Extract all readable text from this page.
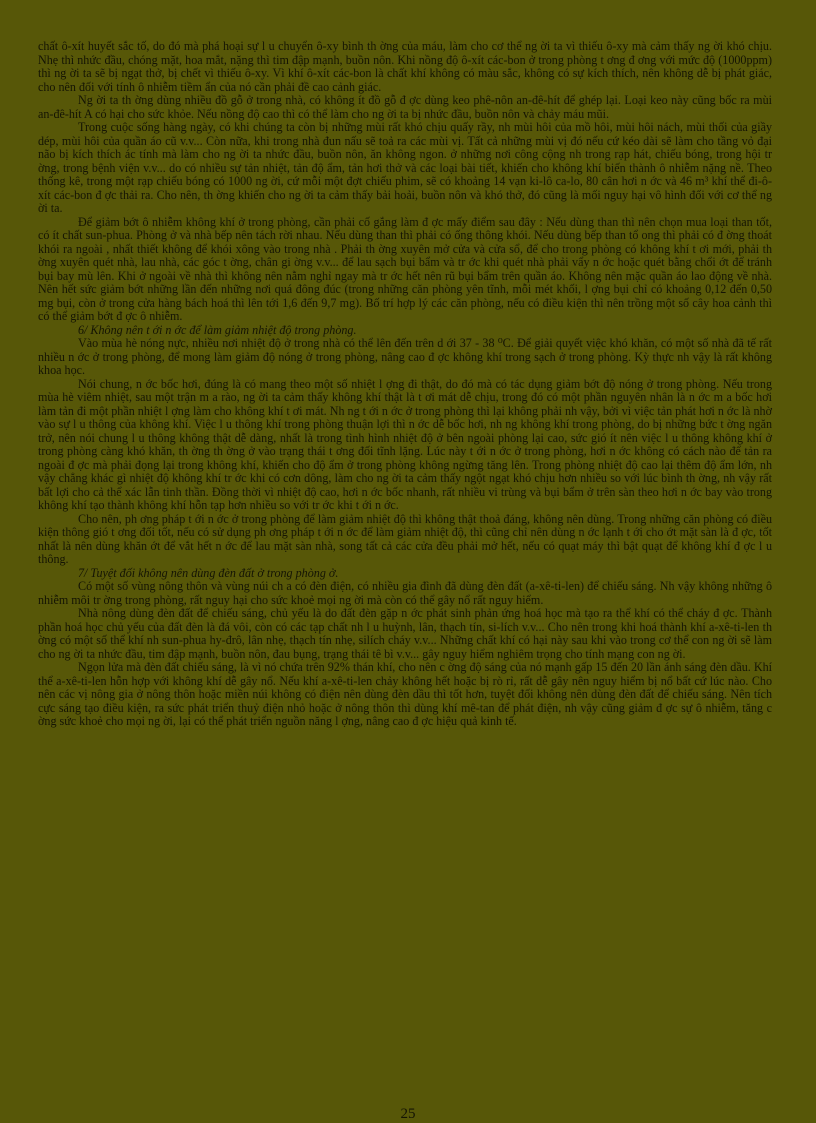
chất ô-xít huyết sắc tố, do đó mà phá hoại sự l u chuyển ô-xy bình th ờng của máu, làm cho cơ thể ng ời ta vì thiếu ô-xy mà cảm thấy ng ời khó chịu. Nhẹ thì nhức đầu, chóng mặt, hoa mắt, nặng thì tim đập mạnh, buồn nôn. Khi nồng độ ô-xít các-bon ở trong phòng t ơng đ ơng với mức độ (1000ppm) thì ng ời ta sẽ bị ngạt thở, bị chết vì thiếu ô-xy. Vì khí ô-xít các-bon là chất khí không có màu sắc, không có sự kích thích, nên không dễ bị phát giác, cho nên đối với tính ô nhiễm tiềm ẩn của nó cần phải đề cao cảnh giác.

Ng ời ta th ờng dùng nhiều đồ gỗ ở trong nhà, có không ít đồ gỗ đ ợc dùng keo phê-nôn an-đê-hít để ghép lại. Loại keo này cũng bốc ra mùi an-đê-hít A có hại cho sức khỏe. Nếu nồng độ cao thì có thể làm cho ng ời ta bị nhức đầu, buồn nôn và chảy máu mũi.

Trong cuộc sống hàng ngày, có khi chúng ta còn bị những mùi rất khó chịu quấy rầy, nh mùi hôi của mồ hôi, mùi hôi nách, mùi thối của giầy dép, mùi hôi của quần áo cũ v.v... Còn nữa, khi trong nhà đun nấu sẽ toả ra các mùi vị. Tất cả những mùi vị đó nếu cứ kéo dài sẽ làm cho tầng vỏ đại não bị kích thích ác tính mà làm cho ng ời ta nhức đầu, buồn nôn, ăn không ngon. ở những nơi công cộng nh trong rạp hát, chiếu bóng, trong hội tr ờng, trong bệnh viện v.v... do có nhiều sự tản nhiệt, tản độ ẩm, tản hơi thở và các loại bài tiết, khiến cho không khí biến thành ô nhiễm nặng nề. Theo thống kê, trong một rạp chiếu bóng có 1000 ng ời, cứ mỗi một đợt chiếu phim, sẽ có khoảng 14 vạn ki-lô ca-lo, 80 cân hơi n ớc và 46 m³ khí thể đi-ô-xít các-bon đ ợc thải ra. Cho nên, th ờng khiến cho ng ời ta cảm thấy bải hoải, buồn nôn và khó thở, đó cũng là mối nguy hại vô hình đối với cơ thể ng ời ta.

Để giảm bớt ô nhiễm không khí ở trong phòng, cần phải cố gắng làm đ ợc mấy điểm sau đây : Nếu dùng than thì nên chọn mua loại than tốt, có ít chất sun-phua. Phòng ở và nhà bếp nên tách rời nhau. Nếu dùng than thì phải có ống thông khói. Nếu dùng bếp than tổ ong thì phải có đ ờng thoát khói ra ngoài , nhất thiết không để khói xông vào trong nhà . Phải th ờng xuyên mở cửa và cửa sổ, để cho trong phòng có không khí t ơi mới, phải th ờng xuyên quét nhà, lau nhà, các góc t ờng, chân gi ờng v.v... để lau sạch bụi bẩm và tr ớc khi quét nhà phải vẩy n ớc hoặc quét bằng chổi ớt để tránh bụi bay mù lên. Khi ở ngoài về nhà thì không nên nằm nghỉ ngay mà tr ớc hết nên rũ bụi bẩm trên quần áo. Không nên mặc quần áo lao động về nhà. Nên hết sức giảm bớt những lần đến những nơi quá đông đúc (trong những căn phòng yên tĩnh, mỗi mét khối, l ợng bụi chỉ có khoảng 0,12 đến 0,50 mg bụi, còn ở trong cửa hàng bách hoá thì lên tới 1,6 đến 9,7 mg). Bố trí hợp lý các căn phòng, nếu có điều kiện thì nên trồng một số cây hoa cảnh thì có thể giảm bớt đ ợc ô nhiễm.

6/ Không nên t ới n ớc để làm giảm nhiệt độ trong phòng.

Vào mùa hè nóng nực, nhiều nơi nhiệt độ ở trong nhà có thể lên đến trên d ới 37 - 38 ⁰C. Để giải quyết việc khó khăn, có một số nhà đã tế rất nhiều n ớc ở trong phòng, để mong làm giảm độ nóng ở trong phòng, nâng cao đ ợc không khí trong sạch ở trong phòng. Kỳ thực nh vậy là rất không khoa học.

Nói chung, n ớc bốc hơi, đúng là có mang theo một số nhiệt l ợng đi thật, do đó mà có tác dụng giảm bớt độ nóng ở trong phòng. Nếu trong mùa hè viêm nhiệt, sau một trận m a rào, ng ời ta cảm thấy không khí thật là t ơi mát dễ chịu, trong đó có một phần nguyên nhân là n ớc m a bốc hơi làm tản đi một phần nhiệt l ợng làm cho không khí t ơi mát. Nh ng t ới n ớc ở trong phòng thì lại không phải nh vậy, bởi vì việc tản phát hơi n ớc là nhờ vào sự l u thông của không khí. Việc l u thông khí trong phòng thuận lợi thì n ớc dễ bốc hơi, nh ng không khí trong phòng, do bị những bức t ờng ngăn trở, nên nói chung l u thông không thật dễ dàng, nhất là trong tình hình nhiệt độ ở bên ngoài phòng lại cao, sức gió ít nên việc l u thông không khí ở trong phòng càng khó khăn, th ờng th ờng ở vào trạng thái t ơng đối tĩnh lặng. Lúc này t ới n ớc ở trong phòng, hơi n ớc không có cách nào để tản ra ngoài đ ợc mà phải đọng lại trong không khí, khiến cho độ ẩm ở trong phòng không ngừng tăng lên. Trong phòng nhiệt độ cao lại thêm độ ẩm lớn, nh vậy chẳng khác gì nhiệt độ không khí tr ớc khi có cơn dông, làm cho ng ời ta cảm thấy ngột ngạt khó chịu hơn nhiều so với lúc bình th ờng, nh vậy rất bất lợi cho cả thể xác lẫn tinh thần. Đồng thời vì nhiệt độ cao, hơi n ớc bốc nhanh, rất nhiều vi trùng và bụi bẩm ở trên sàn theo hơi n ớc bay vào trong không khí tạo thành không khí hỗn tạp hơn nhiều so với tr ớc khi t ới n ớc.

Cho nên, ph ơng pháp t ới n ớc ở trong phòng để làm giảm nhiệt độ thì không thật thoả đáng, không nên dùng. Trong những căn phòng có điều kiện thông gió t ơng đối tốt, nếu có sử dụng ph ơng pháp t ới n ớc để làm giảm nhiệt độ, thì cũng chỉ nên dùng n ớc lạnh t ới cho ớt mặt sàn là đ ợc, tốt nhất là nên dùng khăn ớt để vắt hết n ớc để lau mặt sàn nhà, song tất cả các cửa đều phải mở hết, nếu có quạt máy thì bật quạt để không khí đ ợc l u thông.

7/ Tuyệt đối không nên dùng đèn đất ở trong phòng ở.

Có một số vùng nông thôn và vùng núi ch a có đèn điện, có nhiều gia đình đã dùng đèn đất (a-xê-ti-len) để chiếu sáng. Nh vậy không những ô nhiễm môi tr ờng trong phòng, rất nguy hại cho sức khoẻ mọi ng ời mà còn có thể gây nổ rất nguy hiểm.

Nhà nông dùng đèn đất để chiếu sáng, chủ yếu là do đất đèn gặp n ớc phát sinh phản ứng hoá học mà tạo ra thể khí có thể cháy đ ợc. Thành phần hoá học chủ yếu của đất đèn là đá vôi, còn có các tạp chất nh l u huỳnh, lân, thạch tín, si-lích v.v... Cho nên trong khi hoá thành khí a-xê-ti-len th ờng có một số thể khí nh sun-phua hy-đrô, lân nhẹ, thạch tín nhẹ, silích cháy v.v... Những chất khí có hại này sau khi vào trong cơ thể con ng ời sẽ làm cho ng ời ta nhức đầu, tim đập mạnh, buồn nôn, đau bụng, trạng thái tê bì v.v... gây nguy hiểm nghiêm trọng cho tính mạng con ng ời.

Ngọn lửa mà đèn đất chiếu sáng, là vì nó chứa trên 92% thán khí, cho nên c ờng độ sáng của nó mạnh gấp 15 đến 20 lần ánh sáng đèn dầu. Khí thể a-xê-ti-len hỗn hợp với không khí dễ gây nổ. Nếu khí a-xê-ti-len chảy không hết hoặc bị rò rỉ, rất dễ gây nên nguy hiểm bị nổ bất cứ lúc nào. Cho nên các vị nông gia ở nông thôn hoặc miền núi không có điện nên dùng đèn dầu thì tốt hơn, tuyệt đối không nên dùng đèn đất để chiếu sáng. Nên tích cực sáng tạo điều kiện, ra sức phát triển thuỷ điện nhỏ hoặc ở nông thôn thì dùng khí mê-tan để phát điện, nh vậy cũng giảm đ ợc sự ô nhiễm, tăng c ờng sức khoẻ cho mọi ng ời, lại có thể phát triển nguồn năng l ợng, nâng cao đ ợc hiệu quả kinh tế.

25
